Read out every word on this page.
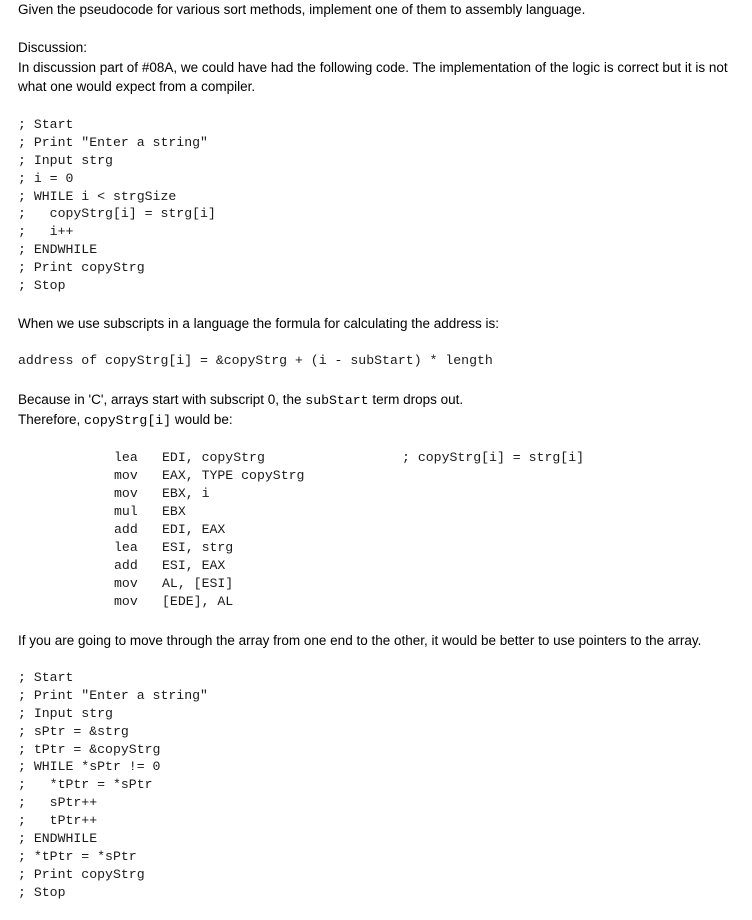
Given the pseudocode for various sort methods, implement one of them to assembly language.
Discussion:
In discussion part of #08A, we could have had the following code. The implementation of the logic is correct but it is not
what one would expect from a compiler.
; Start
; Print "Enter a string"
; Input strg
; i = 0
; WHILE i < strgSize
;   copyStrg[i] = strg[i]
;   i++
; ENDWHILE
; Print copyStrg
; Stop
When we use subscripts in a language the formula for calculating the address is:
address of copyStrg[i] = &copyStrg + (i - subStart) * length
Because in 'C', arrays start with subscript 0, the subStart term drops out.
Therefore, copyStrg[i] would be:
lea EDI, copyStrg
mov EAX, TYPE copyStrg
mov EBX, i
mul EBX
add EDI, EAX
lea ESI, strg
add ESI, EAX
mov AL, [ESI]
mov [EDE], AL
; copyStrg[i] = strg[i]
If you are going to move through the array from one end to the other, it would be better to use pointers to the array.
; Start
; Print "Enter a string"
; Input strg
; sPtr = &strg
; tPtr = &copyStrg
; WHILE *sPtr != 0
;   *tPtr = *sPtr
;   sPtr++
;   tPtr++
; ENDWHILE
; *tPtr = *sPtr
; Print copyStrg
; Stop
